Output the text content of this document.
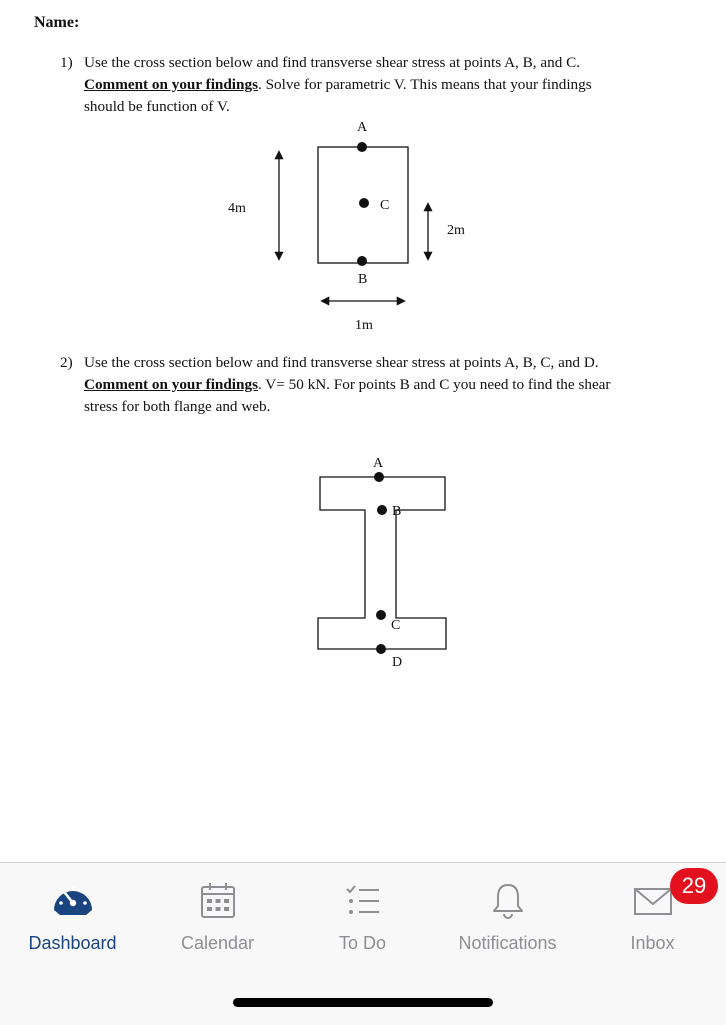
Name:
1) Use the cross section below and find transverse shear stress at points A, B, and C.
Comment on your findings. Solve for parametric V. This means that your findings
should be function of V.
A
C
B
4m
2m
1m
2) Use the cross section below and find transverse shear stress at points A, B, C, and D.
Comment on your findings. V= 50 kN. For points B and C you need to find the shear
stress for both flange and web.
A
B
C
D
Dashboard	Calendar	To Do	Notifications	Inbox
29
